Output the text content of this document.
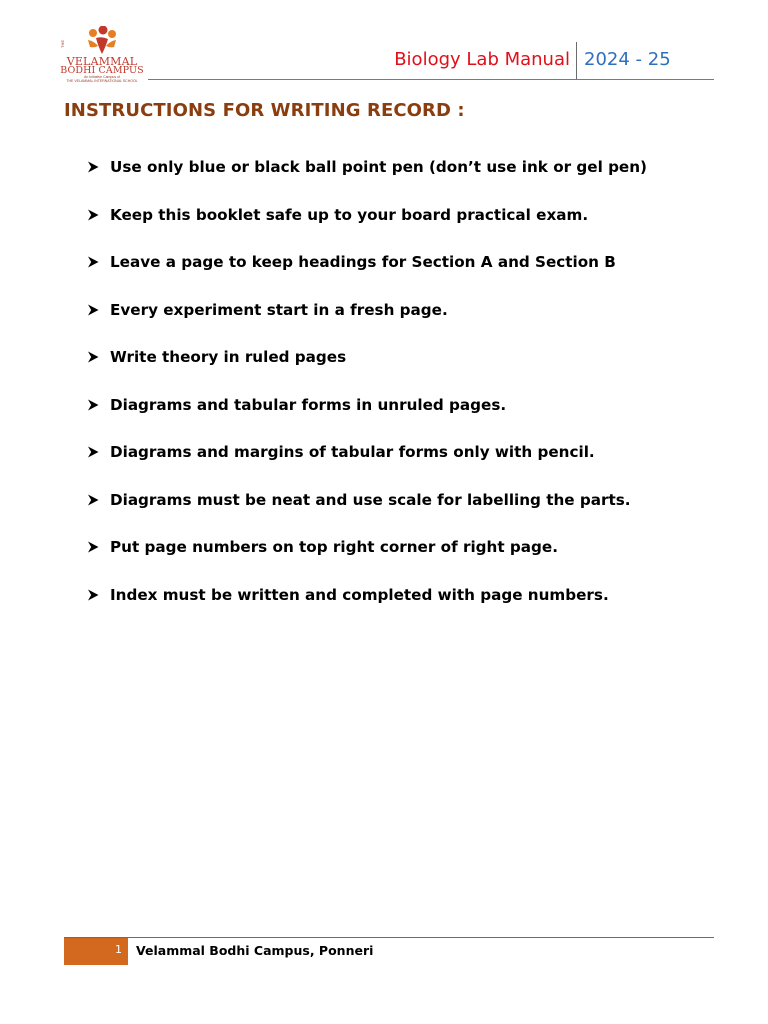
THE
VELAMMAL
BODHI CAMPUS
An Initiative Campus of
THE VELAMMAL INTERNATIONAL SCHOOL
Biology Lab Manual 2024 - 25
INSTRUCTIONS FOR WRITING RECORD :
Use only blue or black ball point pen (don’t use ink or gel pen)
Keep this booklet safe up to your board practical exam.
Leave a page to keep headings for Section A and Section B
Every experiment start in a fresh page.
Write theory in ruled pages
Diagrams and tabular forms in unruled pages.
Diagrams and margins of tabular forms only with pencil.
Diagrams must be neat and use scale for labelling the parts.
Put page numbers on top right corner of right page.
Index must be written and completed with page numbers.
1 Velammal Bodhi Campus, Ponneri
